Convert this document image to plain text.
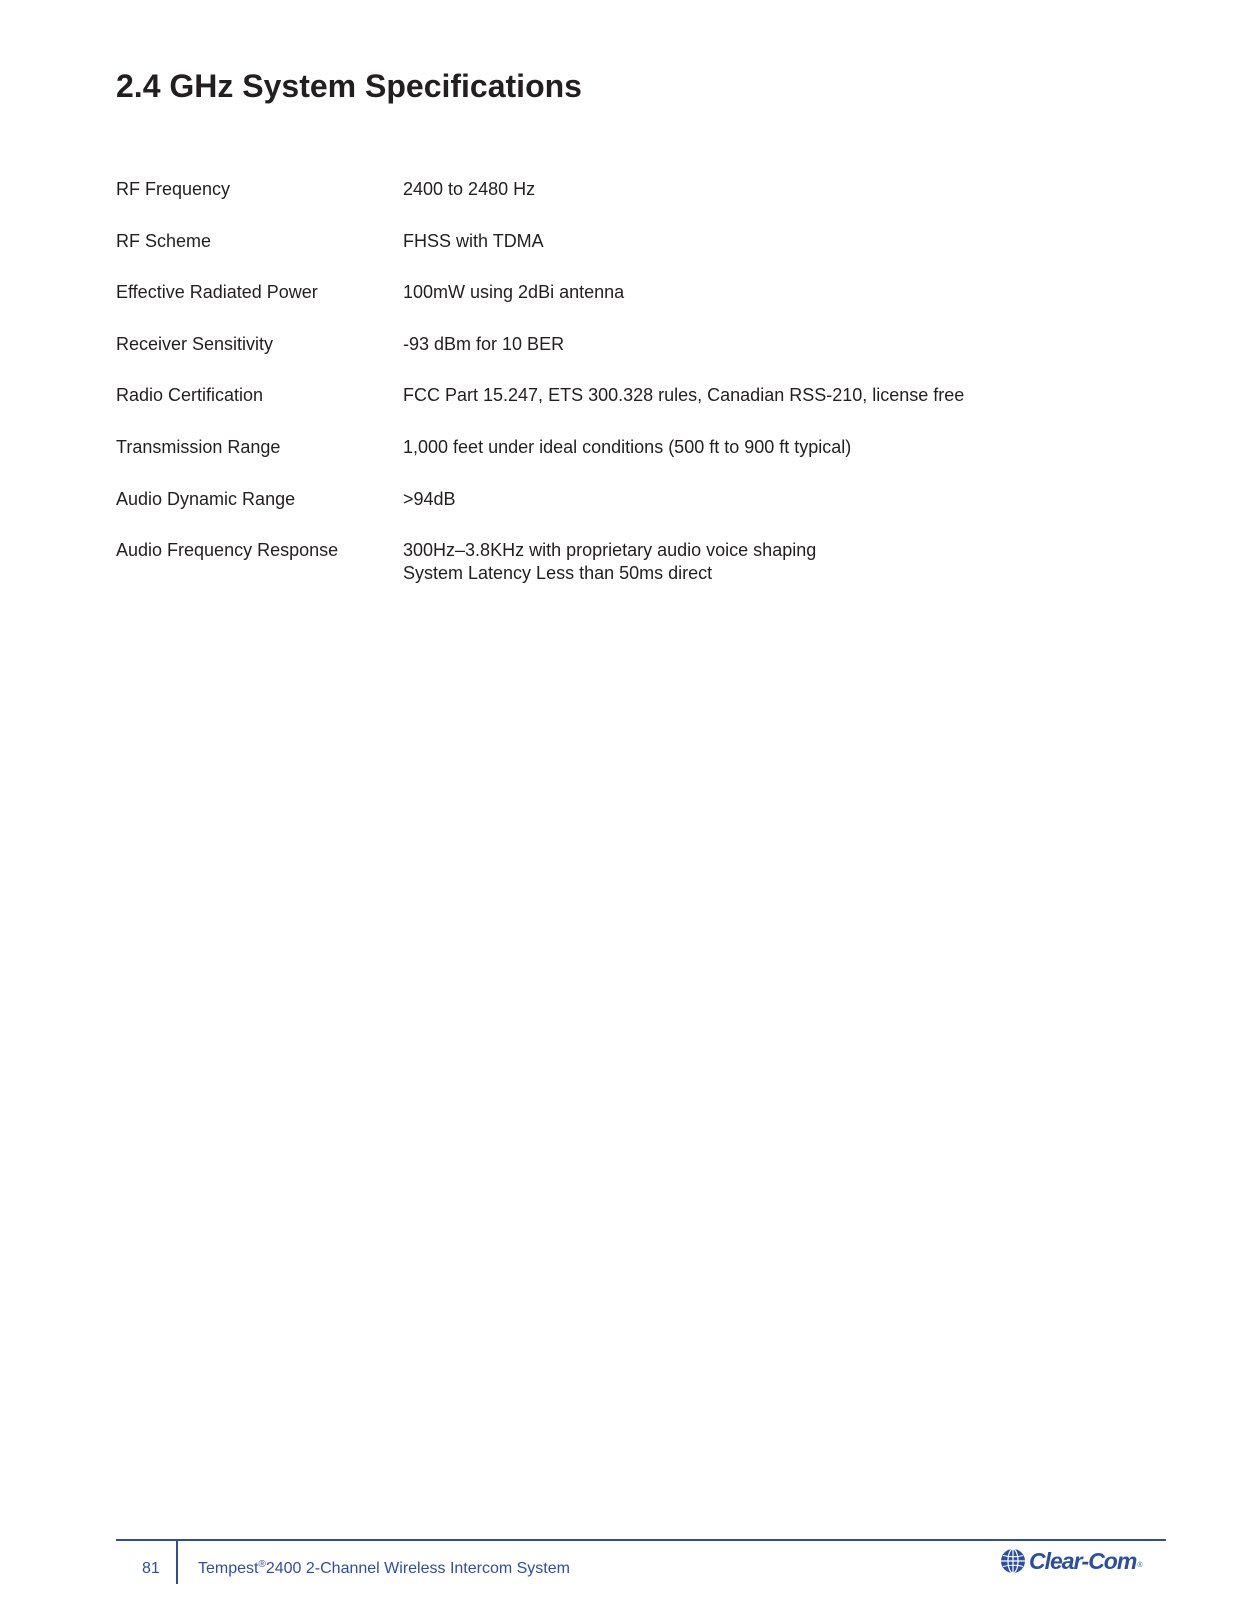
2.4 GHz System Specifications
RF Frequency	2400 to 2480 Hz
RF Scheme	FHSS with TDMA
Effective Radiated Power	100mW using 2dBi antenna
Receiver Sensitivity	-93 dBm for 10 BER
Radio Certification	FCC Part 15.247, ETS 300.328 rules, Canadian RSS-210, license free
Transmission Range	1,000 feet under ideal conditions (500 ft to 900 ft typical)
Audio Dynamic Range	>94dB
Audio Frequency Response	300Hz–3.8KHz with proprietary audio voice shaping
System Latency Less than 50ms direct
81 Tempest®2400 2-Channel Wireless Intercom System	Clear-Com ®
